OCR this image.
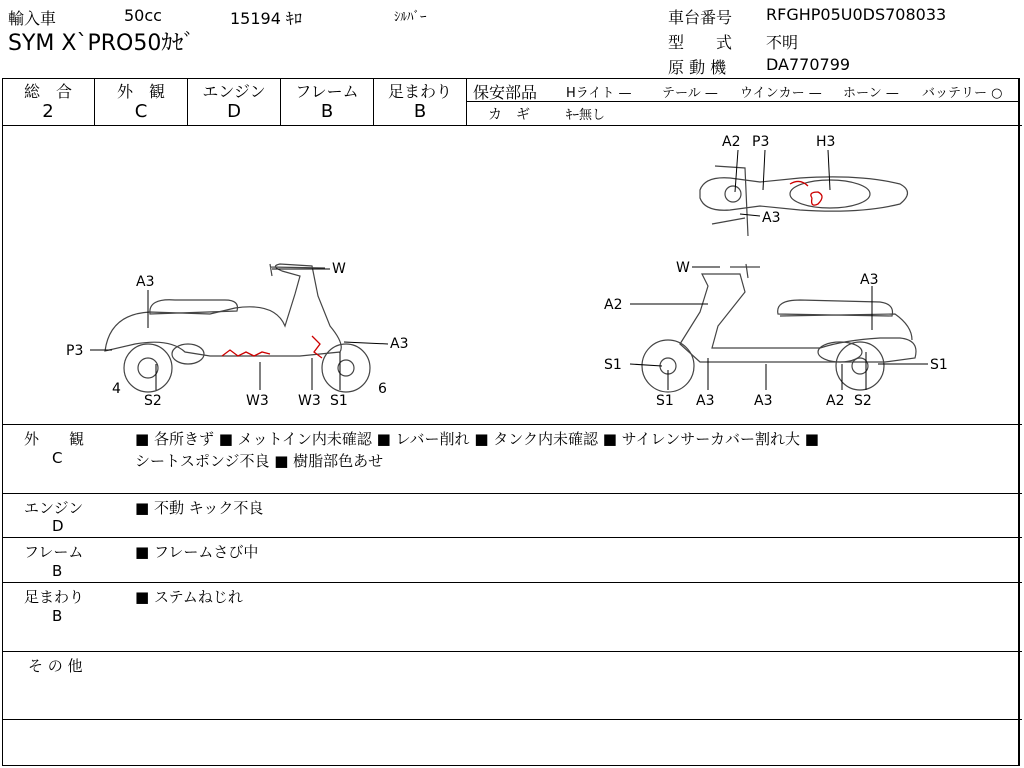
輸入車	50cc	15194 ｷﾛ	ｼﾙﾊﾞｰ
SYM X`PRO50ｶｾﾞ
車台番号 RFGHP05U0DS708033
型　　式 不明
原 動 機 DA770799
総　合
2
外　観
C
エンジン
D
フレーム
B
足まわり
B
保安部品 Hライト — テール — ウインカー — ホーン — バッテリー ○
カ　ギ	ｷｰ無し
A2 P3	H3
A3
A3
W
P3	A3
4
S2	W3 W3 S1
6
W
A3
A2
S1
S1
S1
A3	A3	A2 S2
外　　観
C
■ 各所きず ■ メットイン内未確認 ■ レバー削れ ■ タンク内未確認 ■ サイレンサーカバー割れ大 ■
シートスポンジ不良 ■ 樹脂部色あせ
エンジン
D
■ 不動 キック不良
フレーム
B
■ フレームさび中
足まわり
B
■ ステムねじれ
そ の 他
